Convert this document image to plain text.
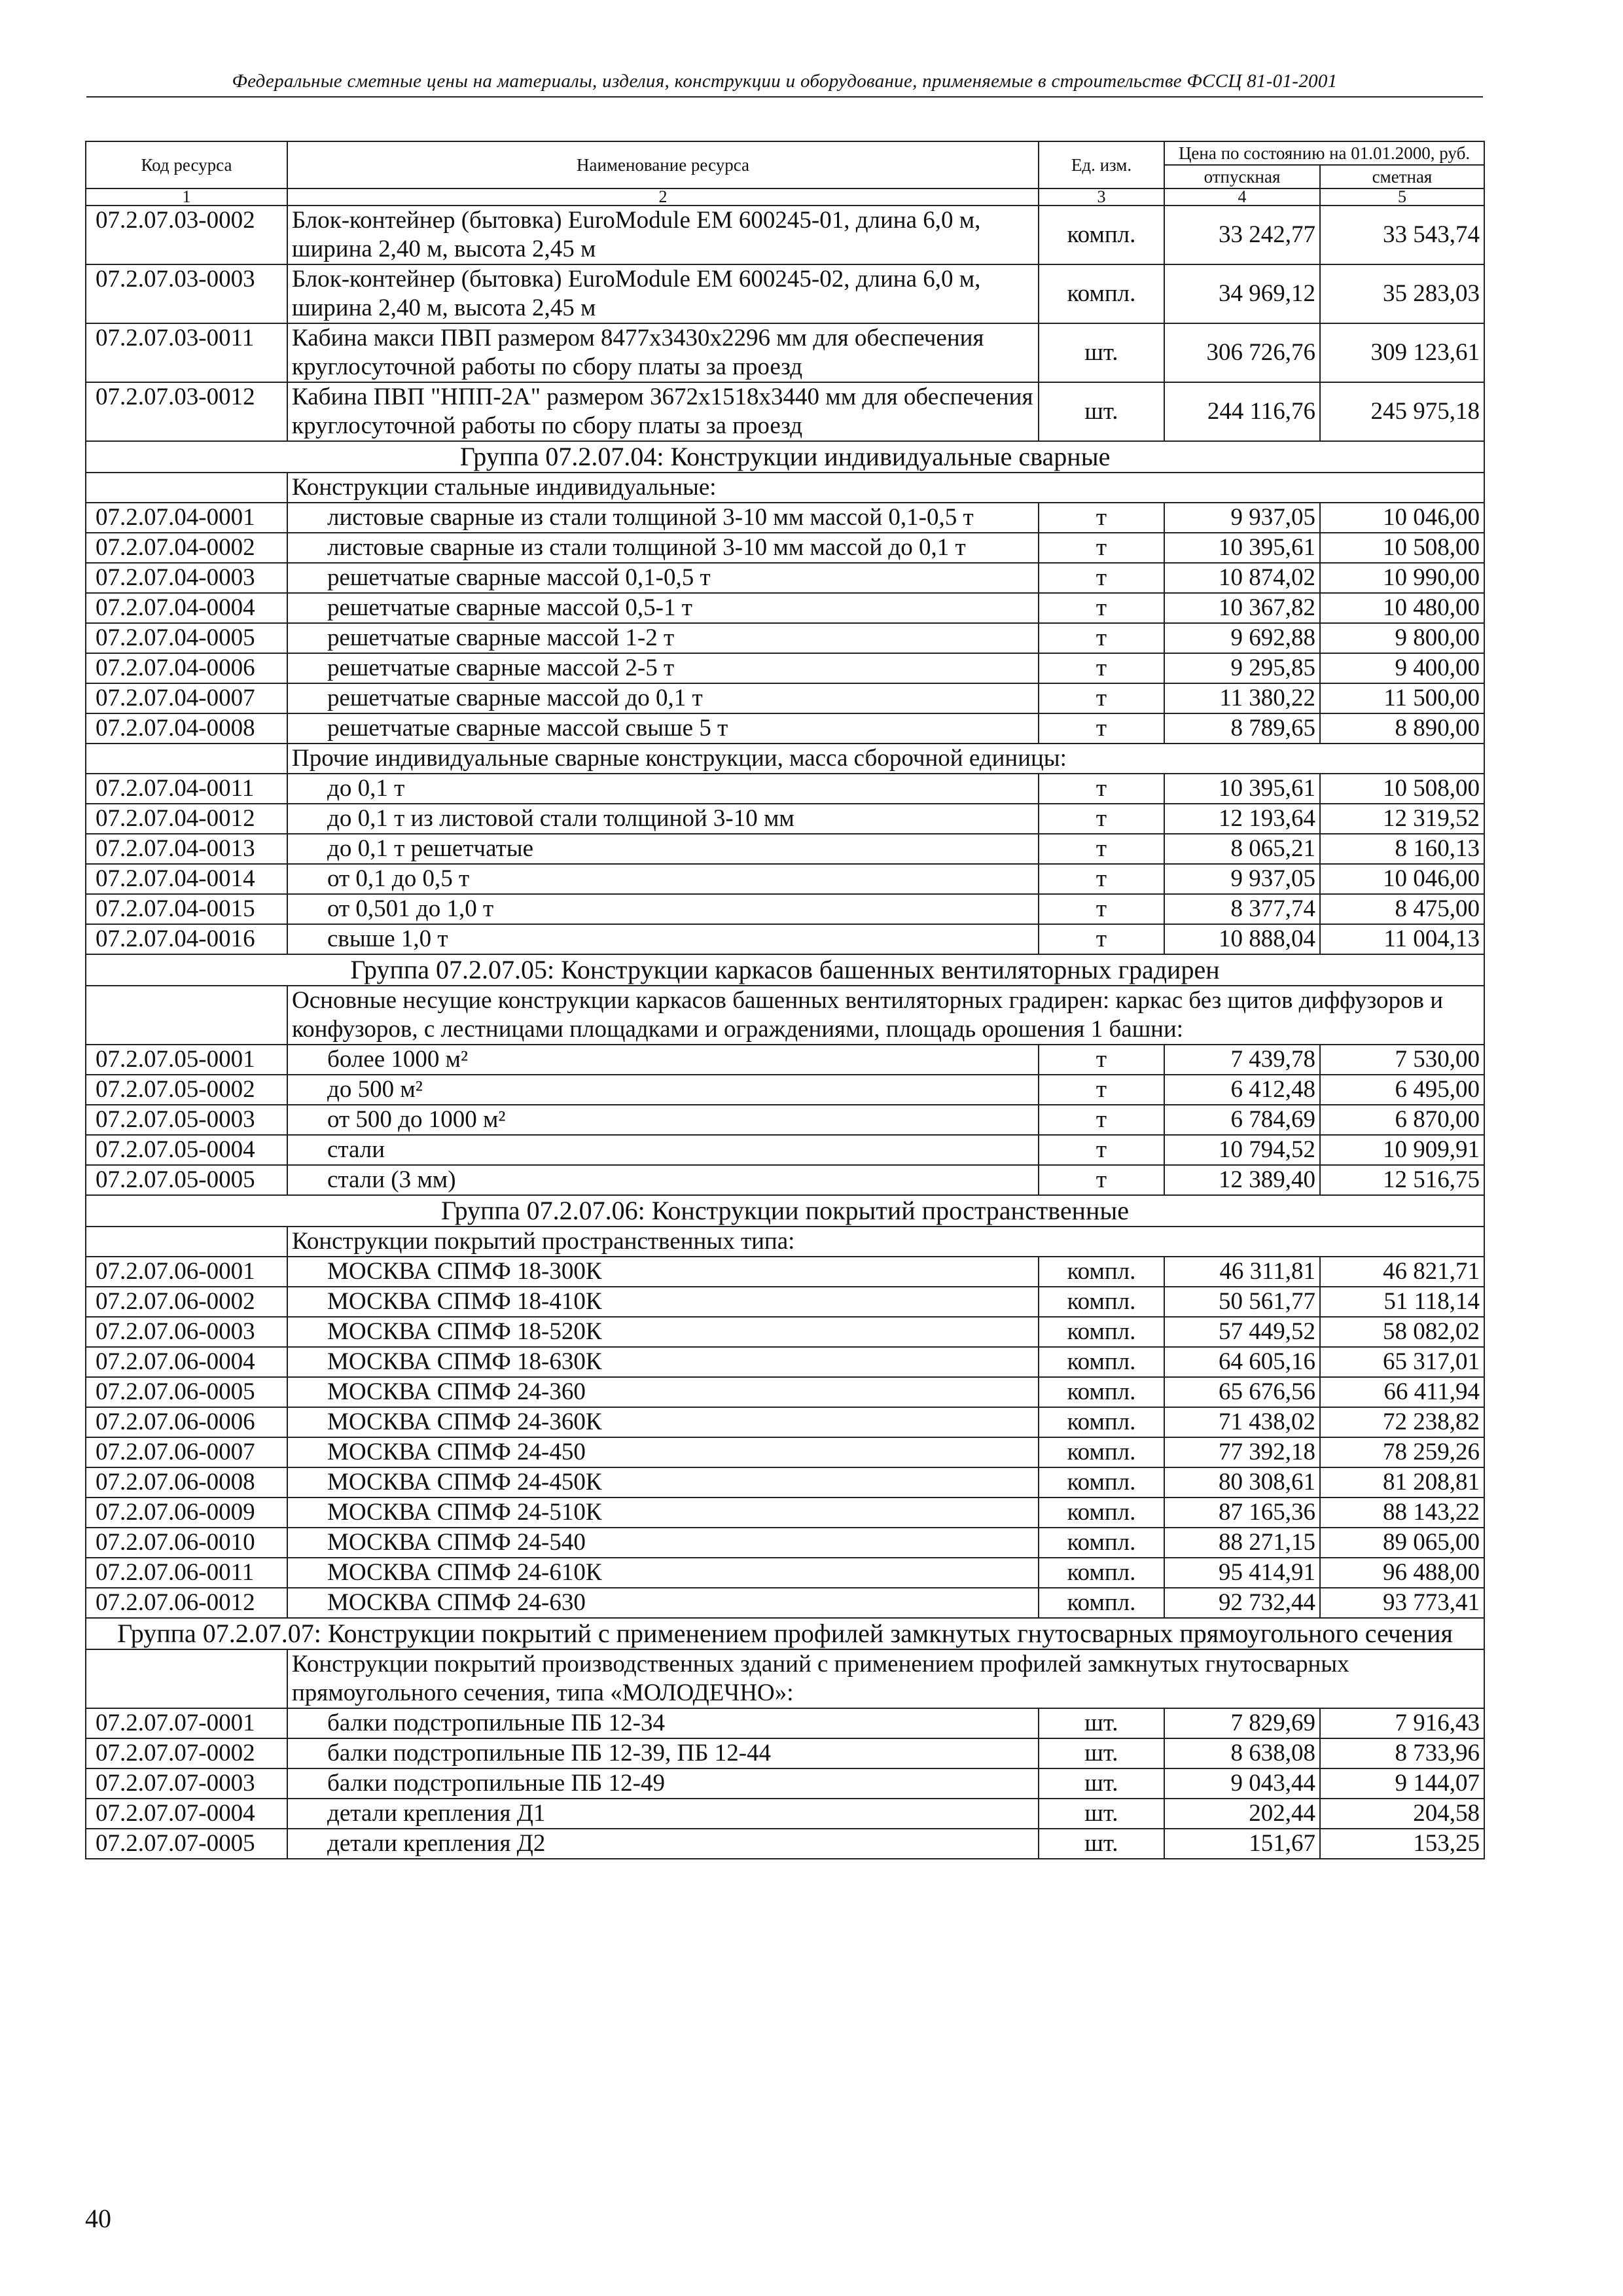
Федеральные сметные цены на материалы, изделия, конструкции и оборудование, применяемые в строительстве ФССЦ 81-01-2001
Код ресурса	Наименование ресурса	Ед. изм.	Цена по состоянию на 01.01.2000, руб.	
			отпускная	сметная
1	2	3	4	5
07.2.07.03-0002	Блок-контейнер (бытовка) EuroModule EM 600245-01, длина 6,0 м, ширина 2,40 м, высота 2,45 м	компл.	33 242,77	33 543,74
07.2.07.03-0003	Блок-контейнер (бытовка) EuroModule EM 600245-02, длина 6,0 м, ширина 2,40 м, высота 2,45 м	компл.	34 969,12	35 283,03
07.2.07.03-0011	Кабина макси ПВП размером 8477х3430х2296 мм для обеспечения круглосуточной работы по сбору платы за проезд	шт.	306 726,76	309 123,61
07.2.07.03-0012	Кабина ПВП "НПП-2А" размером 3672х1518х3440 мм для обеспечения круглосуточной работы по сбору платы за проезд	шт.	244 116,76	245 975,18
Группа 07.2.07.04: Конструкции индивидуальные сварные				
	Конструкции стальные индивидуальные:			
07.2.07.04-0001	листовые сварные из стали толщиной 3-10 мм массой 0,1-0,5 т	т	9 937,05	10 046,00
07.2.07.04-0002	листовые сварные из стали толщиной 3-10 мм массой до 0,1 т	т	10 395,61	10 508,00
07.2.07.04-0003	решетчатые сварные массой 0,1-0,5 т	т	10 874,02	10 990,00
07.2.07.04-0004	решетчатые сварные массой 0,5-1 т	т	10 367,82	10 480,00
07.2.07.04-0005	решетчатые сварные массой 1-2 т	т	9 692,88	9 800,00
07.2.07.04-0006	решетчатые сварные массой 2-5 т	т	9 295,85	9 400,00
07.2.07.04-0007	решетчатые сварные массой до 0,1 т	т	11 380,22	11 500,00
07.2.07.04-0008	решетчатые сварные массой свыше 5 т	т	8 789,65	8 890,00
	Прочие индивидуальные сварные конструкции, масса сборочной единицы:			
07.2.07.04-0011	до 0,1 т	т	10 395,61	10 508,00
07.2.07.04-0012	до 0,1 т из листовой стали толщиной 3-10 мм	т	12 193,64	12 319,52
07.2.07.04-0013	до 0,1 т решетчатые	т	8 065,21	8 160,13
07.2.07.04-0014	от 0,1 до 0,5 т	т	9 937,05	10 046,00
07.2.07.04-0015	от 0,501 до 1,0 т	т	8 377,74	8 475,00
07.2.07.04-0016	свыше 1,0 т	т	10 888,04	11 004,13
Группа 07.2.07.05: Конструкции каркасов башенных вентиляторных градирен				
	Основные несущие конструкции каркасов башенных вентиляторных градирен: каркас без щитов диффузоров и конфузоров, с лестницами площадками и ограждениями, площадь орошения 1 башни:			
07.2.07.05-0001	более 1000 м²	т	7 439,78	7 530,00
07.2.07.05-0002	до 500 м²	т	6 412,48	6 495,00
07.2.07.05-0003	от 500 до 1000 м²	т	6 784,69	6 870,00
07.2.07.05-0004	стали	т	10 794,52	10 909,91
07.2.07.05-0005	стали (3 мм)	т	12 389,40	12 516,75
Группа 07.2.07.06: Конструкции покрытий пространственные				
	Конструкции покрытий пространственных типа:			
07.2.07.06-0001	МОСКВА СПМФ 18-300К	компл.	46 311,81	46 821,71
07.2.07.06-0002	МОСКВА СПМФ 18-410К	компл.	50 561,77	51 118,14
07.2.07.06-0003	МОСКВА СПМФ 18-520К	компл.	57 449,52	58 082,02
07.2.07.06-0004	МОСКВА СПМФ 18-630К	компл.	64 605,16	65 317,01
07.2.07.06-0005	МОСКВА СПМФ 24-360	компл.	65 676,56	66 411,94
07.2.07.06-0006	МОСКВА СПМФ 24-360К	компл.	71 438,02	72 238,82
07.2.07.06-0007	МОСКВА СПМФ 24-450	компл.	77 392,18	78 259,26
07.2.07.06-0008	МОСКВА СПМФ 24-450К	компл.	80 308,61	81 208,81
07.2.07.06-0009	МОСКВА СПМФ 24-510К	компл.	87 165,36	88 143,22
07.2.07.06-0010	МОСКВА СПМФ 24-540	компл.	88 271,15	89 065,00
07.2.07.06-0011	МОСКВА СПМФ 24-610К	компл.	95 414,91	96 488,00
07.2.07.06-0012	МОСКВА СПМФ 24-630	компл.	92 732,44	93 773,41
Группа 07.2.07.07: Конструкции покрытий с применением профилей замкнутых гнутосварных прямоугольного сечения				
	Конструкции покрытий производственных зданий с применением профилей замкнутых гнутосварных прямоугольного сечения, типа «МОЛОДЕЧНО»:			
07.2.07.07-0001	балки подстропильные ПБ 12-34	шт.	7 829,69	7 916,43
07.2.07.07-0002	балки подстропильные ПБ 12-39, ПБ 12-44	шт.	8 638,08	8 733,96
07.2.07.07-0003	балки подстропильные ПБ 12-49	шт.	9 043,44	9 144,07
07.2.07.07-0004	детали крепления Д1	шт.	202,44	204,58
07.2.07.07-0005	детали крепления Д2	шт.	151,67	153,25
40
